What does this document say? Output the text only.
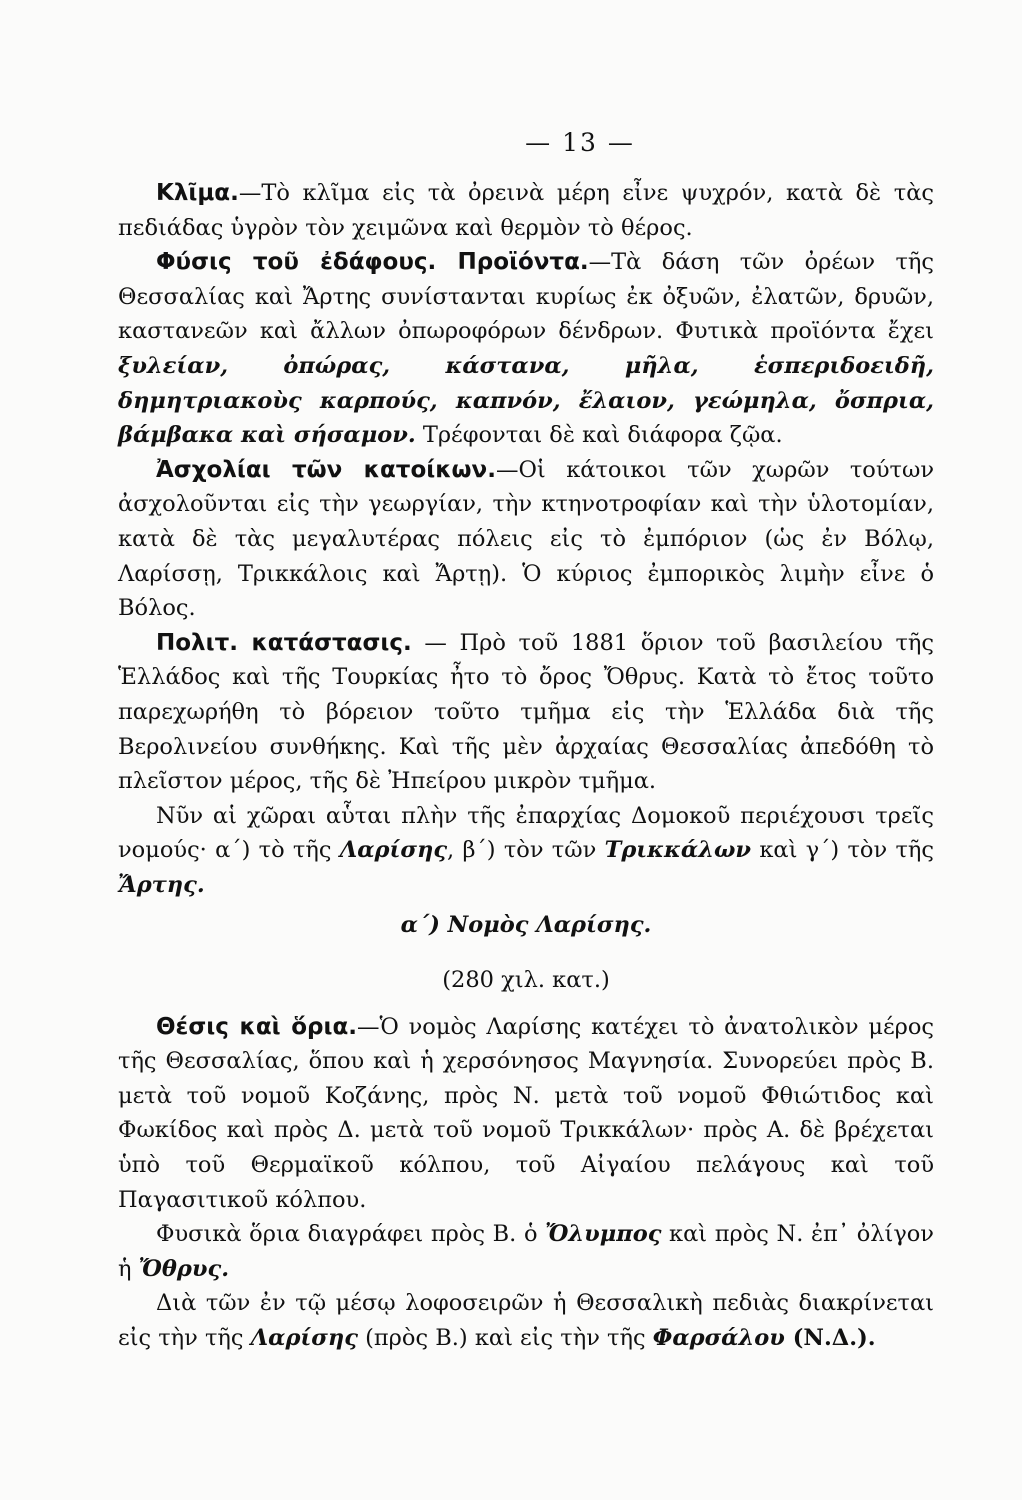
— 13 —

Κλῖμα.—Τὸ κλῖμα εἰς τὰ ὀρεινὰ μέρη εἶνε ψυχρόν, κατὰ δὲ τὰς πεδιάδας ὑγρὸν τὸν χειμῶνα καὶ θερμὸν τὸ θέρος.

Φύσις τοῦ ἐδάφους. Προϊόντα.—Τὰ δάση τῶν ὀρέων τῆς Θεσσαλίας καὶ Ἄρτης συνίστανται κυρίως ἐκ ὀξυῶν, ἐλατῶν, δρυῶν, καστανεῶν καὶ ἄλλων ὀπωροφόρων δένδρων. Φυτικὰ προϊόντα ἔχει ξυλείαν, ὀπώρας, κάστανα, μῆλα, ἑσπεριδοειδῆ, δημητριακοὺς καρπούς, καπνόν, ἔλαιον, γεώμηλα, ὄσπρια, βάμβακα καὶ σήσαμον. Τρέφονται δὲ καὶ διάφορα ζῷα.

Ἀσχολίαι τῶν κατοίκων.—Οἱ κάτοικοι τῶν χωρῶν τούτων ἀσχολοῦνται εἰς τὴν γεωργίαν, τὴν κτηνοτροφίαν καὶ τὴν ὑλοτομίαν, κατὰ δὲ τὰς μεγαλυτέρας πόλεις εἰς τὸ ἐμπόριον (ὡς ἐν Βόλῳ, Λαρίσσῃ, Τρικκάλοις καὶ Ἄρτῃ). Ὁ κύριος ἐμπορικὸς λιμὴν εἶνε ὁ Βόλος.

Πολιτ. κατάστασις. — Πρὸ τοῦ 1881 ὅριον τοῦ βασιλείου τῆς Ἑλλάδος καὶ τῆς Τουρκίας ἦτο τὸ ὄρος Ὄθρυς. Κατὰ τὸ ἔτος τοῦτο παρεχωρήθη τὸ βόρειον τοῦτο τμῆμα εἰς τὴν Ἑλλάδα διὰ τῆς Βερολινείου συνθήκης. Καὶ τῆς μὲν ἀρχαίας Θεσσαλίας ἀπεδόθη τὸ πλεῖστον μέρος, τῆς δὲ Ἠπείρου μικρὸν τμῆμα.

Νῦν αἱ χῶραι αὗται πλὴν τῆς ἐπαρχίας Δομοκοῦ περιέχουσι τρεῖς νομούς· α΄) τὸ τῆς Λαρίσης, β΄) τὸν τῶν Τρικκάλων καὶ γ΄) τὸν τῆς Ἄρτης.

α΄) Νομὸς Λαρίσης.

(280 χιλ. κατ.)

Θέσις καὶ ὅρια.—Ὁ νομὸς Λαρίσης κατέχει τὸ ἀνατολικὸν μέρος τῆς Θεσσαλίας, ὅπου καὶ ἡ χερσόνησος Μαγνησία. Συνορεύει πρὸς Β. μετὰ τοῦ νομοῦ Κοζάνης, πρὸς Ν. μετὰ τοῦ νομοῦ Φθιώτιδος καὶ Φωκίδος καὶ πρὸς Δ. μετὰ τοῦ νομοῦ Τρικκάλων· πρὸς Α. δὲ βρέχεται ὑπὸ τοῦ Θερμαϊκοῦ κόλπου, τοῦ Αἰγαίου πελάγους καὶ τοῦ Παγασιτικοῦ κόλπου.

Φυσικὰ ὅρια διαγράφει πρὸς Β. ὁ Ὄλυμπος καὶ πρὸς Ν. ἐπ᾽ ὀλίγον ἡ Ὄθρυς.

Διὰ τῶν ἐν τῷ μέσῳ λοφοσειρῶν ἡ Θεσσαλικὴ πεδιὰς διακρίνεται εἰς τὴν τῆς Λαρίσης (πρὸς Β.) καὶ εἰς τὴν τῆς Φαρσάλου (Ν.Δ.).
